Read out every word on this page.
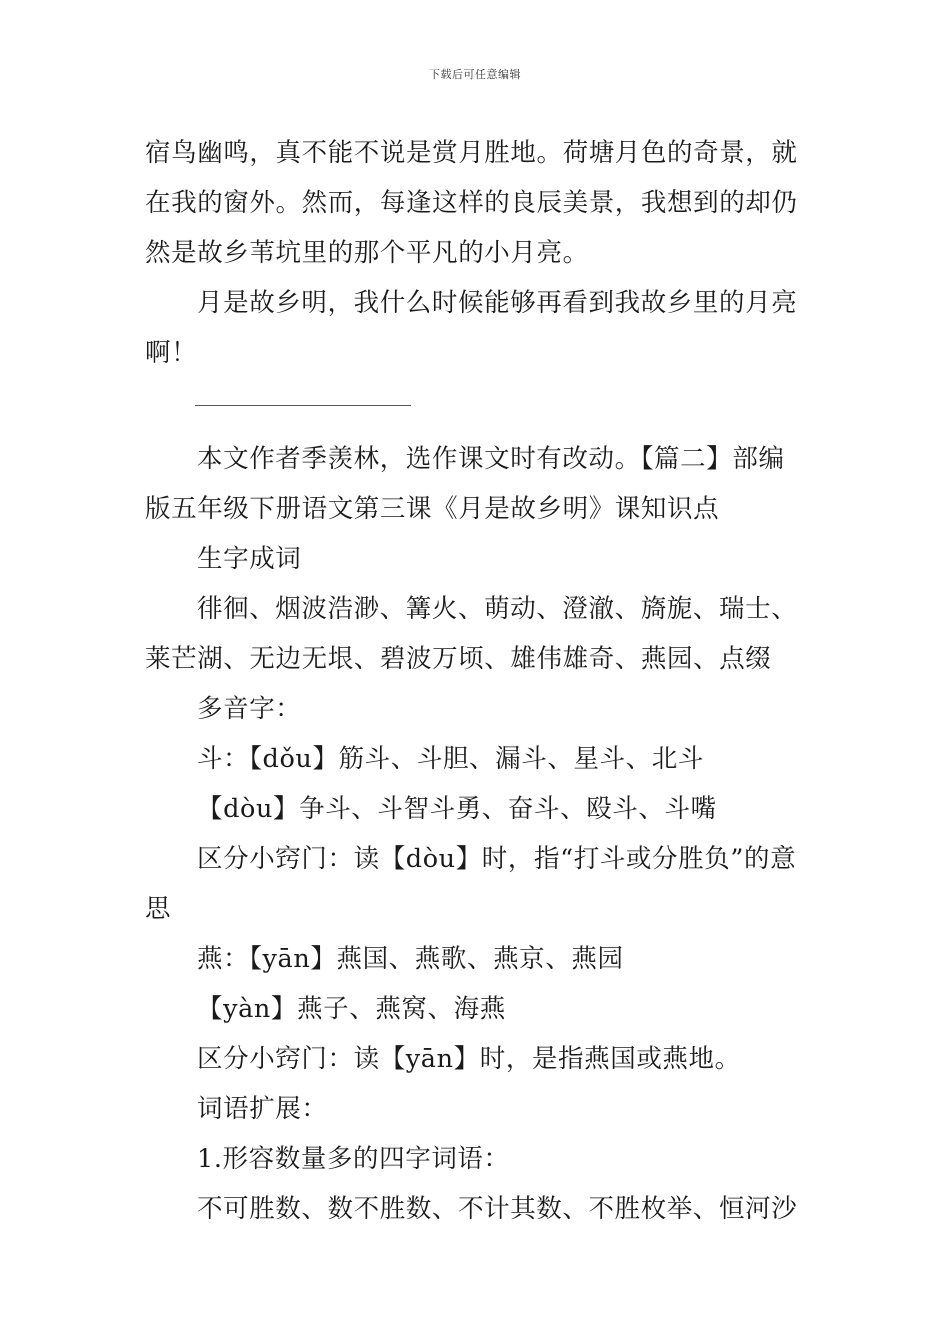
下载后可任意编辑
宿鸟幽鸣，真不能不说是赏月胜地。荷塘月色的奇景，就
在我的窗外。然而，每逢这样的良辰美景，我想到的却仍
然是故乡苇坑里的那个平凡的小月亮。
月是故乡明，我什么时候能够再看到我故乡里的月亮
啊！
本文作者季羡林，选作课文时有改动。【篇二】部编
版五年级下册语文第三课《月是故乡明》课知识点
生字成词
徘徊、烟波浩渺、篝火、萌动、澄澈、旖旎、瑞士、
莱芒湖、无边无垠、碧波万顷、雄伟雄奇、燕园、点缀
多音字：
斗：【dǒu】筋斗、斗胆、漏斗、星斗、北斗
【dòu】争斗、斗智斗勇、奋斗、殴斗、斗嘴
区分小窍门：读【dòu】时，指“打斗或分胜负”的意
思
燕：【yān】燕国、燕歌、燕京、燕园
【yàn】燕子、燕窝、海燕
区分小窍门：读【yān】时，是指燕国或燕地。
词语扩展：
1.形容数量多的四字词语：
不可胜数、数不胜数、不计其数、不胜枚举、恒河沙
